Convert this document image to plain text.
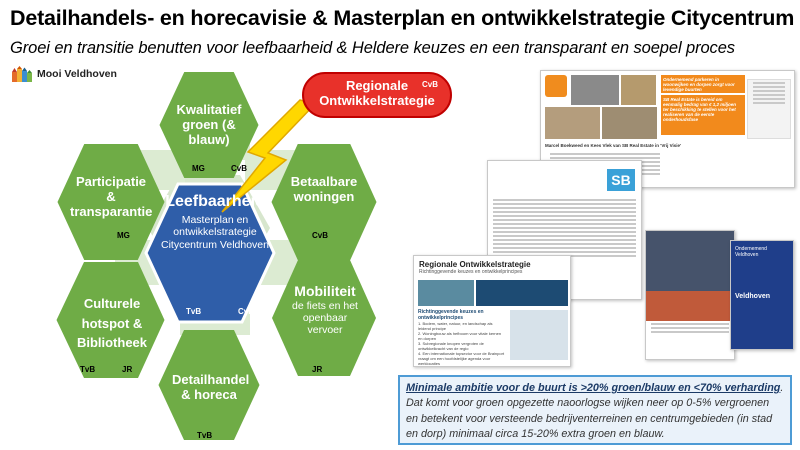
Detailhandels- en horecavisie & Masterplan en ontwikkelstrategie Citycentrum
Groei en transitie benutten voor leefbaarheid & Heldere keuzes en een transparant en soepel proces
Mooi Veldhoven
Kwalitatief groen (& blauw)
MG	CvB
Participatie & transparantie
MG
Betaalbare woningen
CvB
Leefbaarheid
Masterplan en ontwikkelstrategie Citycentrum Veldhoven
TvB	CvB
Culturele hotspot & Bibliotheek
TvB	JR
Mobiliteit
de fiets en het openbaar vervoer
JR
Detailhandel & horeca
TvB
Regionale Ontwikkelstrategie
CvB
Ondernemend parkeren in woonwijken en dorpen zorgt voor levendige buurten
SB Real Estate is bereid om eenmalig bedrag van € 1,2 miljoen ter beschikking te stellen voor het realiseren van de eerste onderhoudsfase
Marcel Boekweed en Kees Vlek van SB Real Estate in 'Vrij Visie'
SB
Ondernemend Veldhoven
Veldhoven
Regionale Ontwikkelstrategie
Richtinggevende keuzes en ontwikkelprincipes
Richtinggevende keuzes en ontwikkelprincipes
1. Bodem, water, natuur, en landschap als leidend principe
2. Woningbouw als hefboom voor vitale kernen en dorpen
3. Subregionale knopen vergroten de ontwikkelkracht van de regio
4. Een internationale topsector voor de Brainport vraagt om een hoofdstelijke agenda voor werklocaties
Minimale ambitie voor de buurt is >20% groen/blauw en <70% verharding. Dat komt voor groen opgezette naoorlogse wijken neer op 0-5% vergroenen en betekent voor versteende bedrijventerreinen en centrumgebieden (in stad en dorp) minimaal circa 15-20% extra groen en blauw.
